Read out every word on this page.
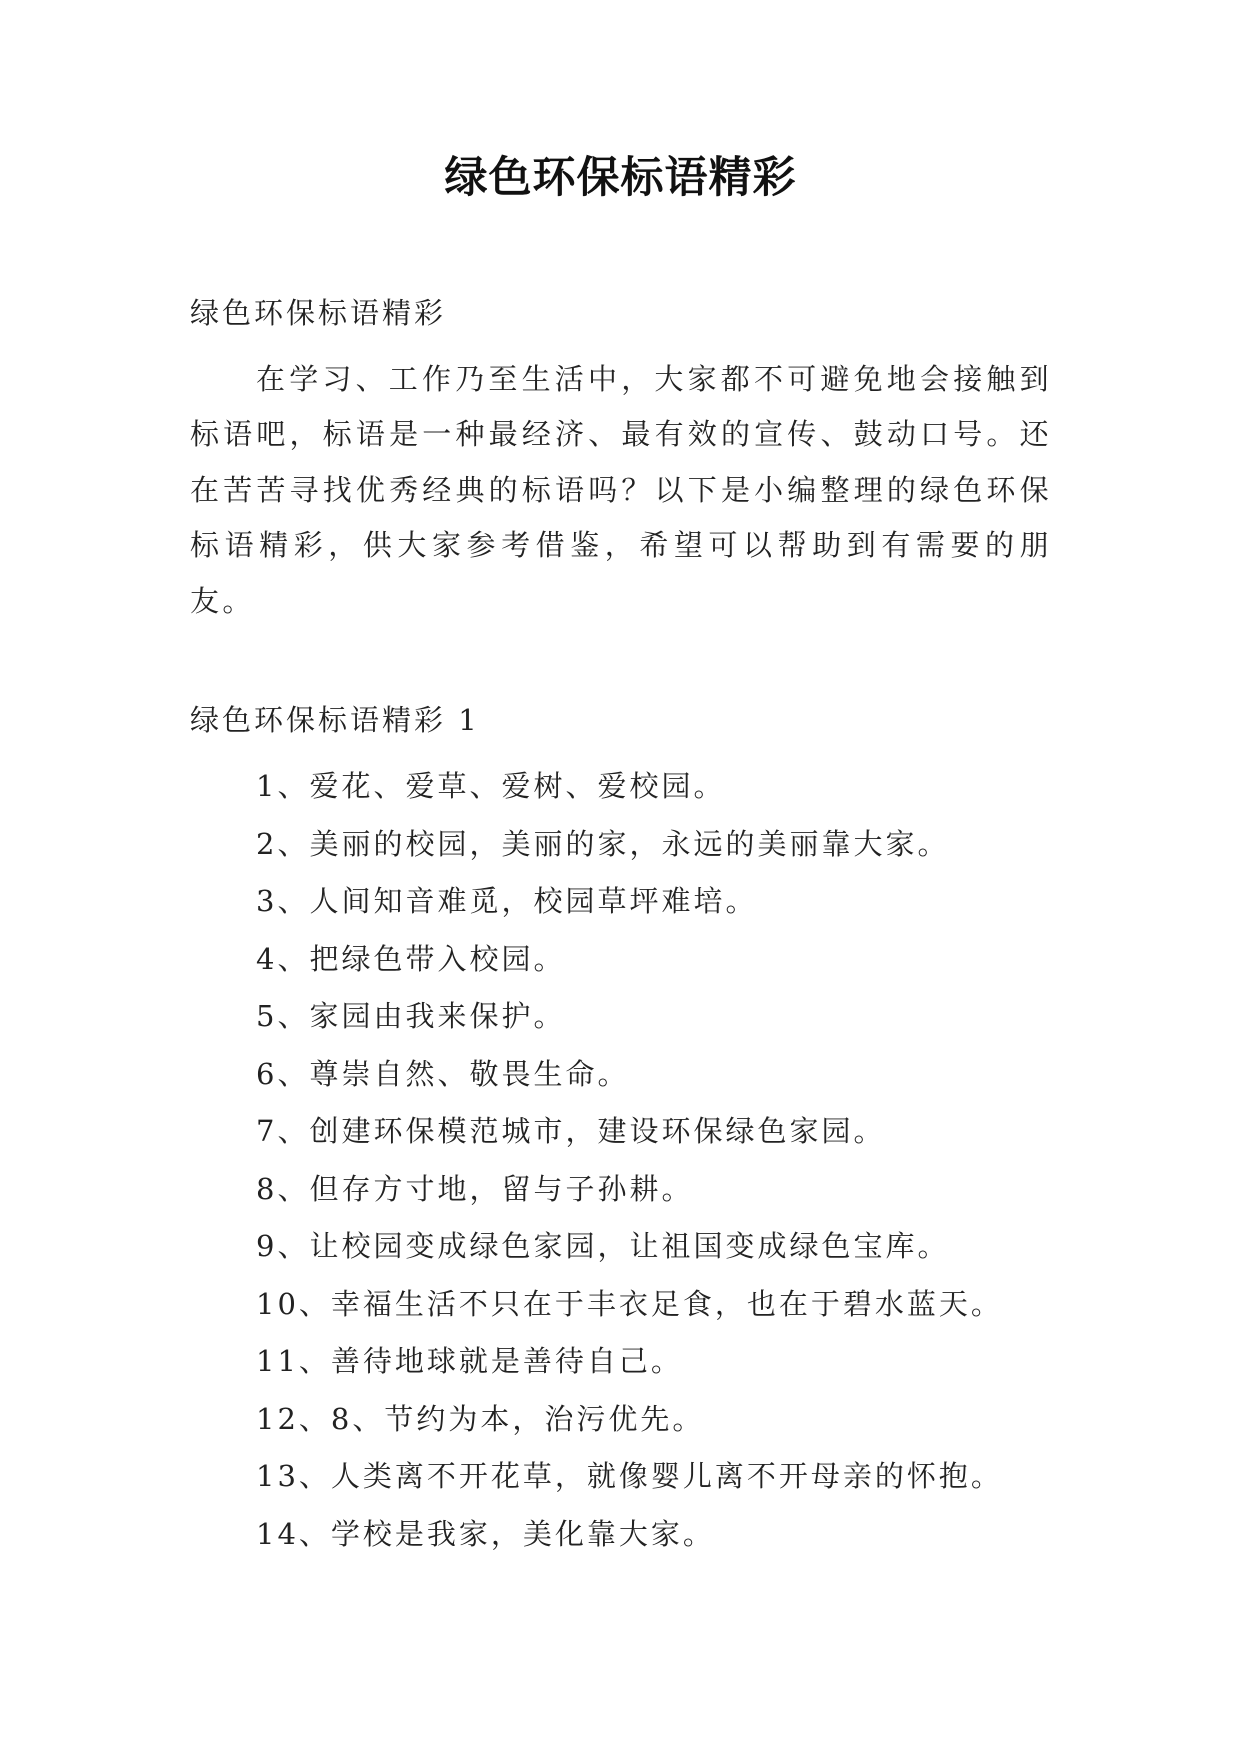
绿色环保标语精彩
绿色环保标语精彩
在学习、工作乃至生活中，大家都不可避免地会接触到标语吧，标语是一种最经济、最有效的宣传、鼓动口号。还在苦苦寻找优秀经典的标语吗？以下是小编整理的绿色环保标语精彩，供大家参考借鉴，希望可以帮助到有需要的朋友。
绿色环保标语精彩 1
1、爱花、爱草、爱树、爱校园。
2、美丽的校园，美丽的家，永远的美丽靠大家。
3、人间知音难觅，校园草坪难培。
4、把绿色带入校园。
5、家园由我来保护。
6、尊崇自然、敬畏生命。
7、创建环保模范城市，建设环保绿色家园。
8、但存方寸地，留与子孙耕。
9、让校园变成绿色家园，让祖国变成绿色宝库。
10、幸福生活不只在于丰衣足食，也在于碧水蓝天。
11、善待地球就是善待自己。
12、8、节约为本，治污优先。
13、人类离不开花草，就像婴儿离不开母亲的怀抱。
14、学校是我家，美化靠大家。
